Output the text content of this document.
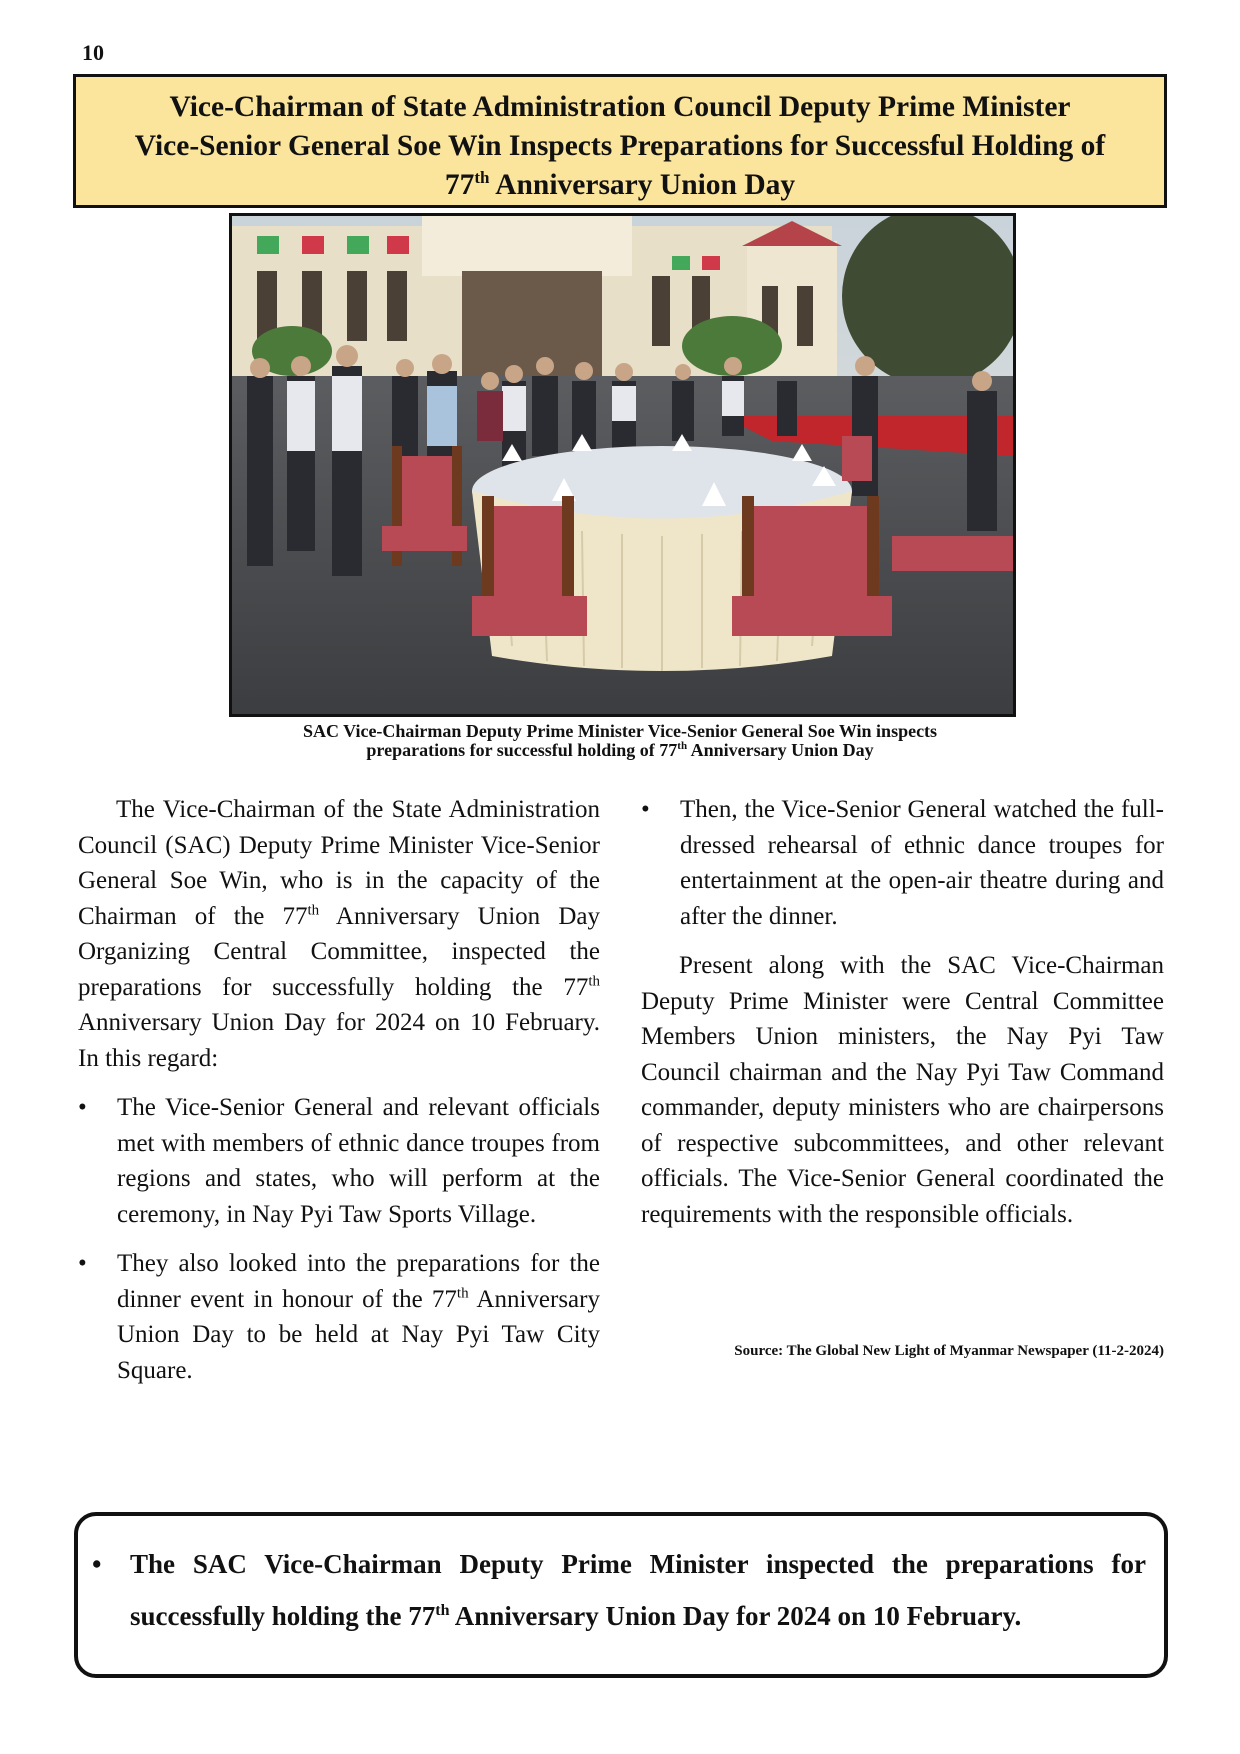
10
Vice-Chairman of State Administration Council Deputy Prime Minister
Vice-Senior General Soe Win Inspects Preparations for Successful Holding of
77th Anniversary Union Day
SAC Vice-Chairman Deputy Prime Minister Vice-Senior General Soe Win inspects
preparations for successful holding of 77th Anniversary Union Day

The Vice-Chairman of the State Administration Council (SAC) Deputy Prime Minister Vice-Senior General Soe Win, who is in the capacity of the Chairman of the 77th Anniversary Union Day Organizing Central Committee, inspected the preparations for successfully holding the 77th Anniversary Union Day for 2024 on 10 February. In this regard:

•	The Vice-Senior General and relevant officials met with members of ethnic dance troupes from regions and states, who will perform at the ceremony, in Nay Pyi Taw Sports Village.

•	They also looked into the preparations for the dinner event in honour of the 77th Anniversary Union Day to be held at Nay Pyi Taw City Square.

•	Then, the Vice-Senior General watched the full-dressed rehearsal of ethnic dance troupes for entertainment at the open-air theatre during and after the dinner.

Present along with the SAC Vice-Chairman Deputy Prime Minister were Central Committee Members Union ministers, the Nay Pyi Taw Council chairman and the Nay Pyi Taw Command commander, deputy ministers who are chairpersons of respective subcommittees, and other relevant officials. The Vice-Senior General coordinated the requirements with the responsible officials.

Source: The Global New Light of Myanmar Newspaper (11-2-2024)
• The SAC Vice-Chairman Deputy Prime Minister inspected the preparations for successfully holding the 77th Anniversary Union Day for 2024 on 10 February.
